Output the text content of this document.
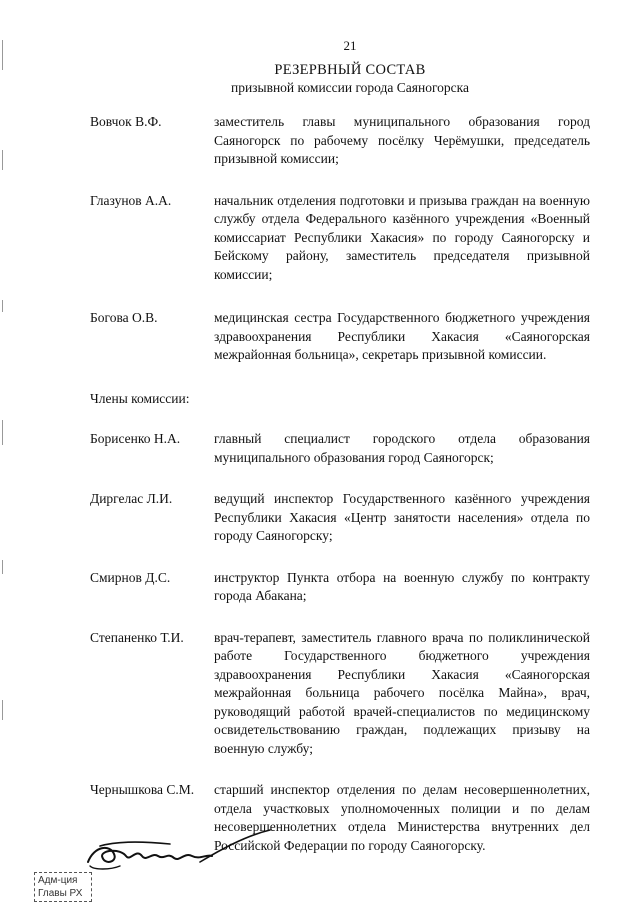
21
РЕЗЕРВНЫЙ СОСТАВ
призывной комиссии города Саяногорска
Вовчок В.Ф.	заместитель главы муниципального образования город Саяногорск по рабочему посёлку Черёмушки, председатель призывной комиссии;
Глазунов А.А.	начальник отделения подготовки и призыва граждан на военную службу отдела Федерального казённого учреждения «Военный комиссариат Республики Хакасия» по городу Саяногорску и Бейскому району, заместитель председателя призывной комиссии;
Богова О.В.	медицинская сестра Государственного бюджетного учреждения здравоохранения Республики Хакасия «Саяногорская межрайонная больница», секретарь призывной комиссии.
Члены комиссии:
Борисенко Н.А.	главный специалист городского отдела образования муниципального образования город Саяногорск;
Диргелас Л.И.	ведущий инспектор Государственного казённого учреждения Республики Хакасия «Центр занятости населения» отдела по городу Саяногорску;
Смирнов Д.С.	инструктор Пункта отбора на военную службу по контракту города Абакана;
Степаненко Т.И.	врач-терапевт, заместитель главного врача по поликлинической работе Государственного бюджетного учреждения здравоохранения Республики Хакасия «Саяногорская межрайонная больница рабочего посёлка Майна», врач, руководящий работой врачей-специалистов по медицинскому освидетельствованию граждан, подлежащих призыву на военную службу;
Чернышкова С.М.	старший инспектор отделения по делам несовершеннолетних, отдела участковых уполномоченных полиции и по делам несовершеннолетних отдела Министерства внутренних дел Российской Федерации по городу Саяногорску.
Адм-ция
Главы РХ
